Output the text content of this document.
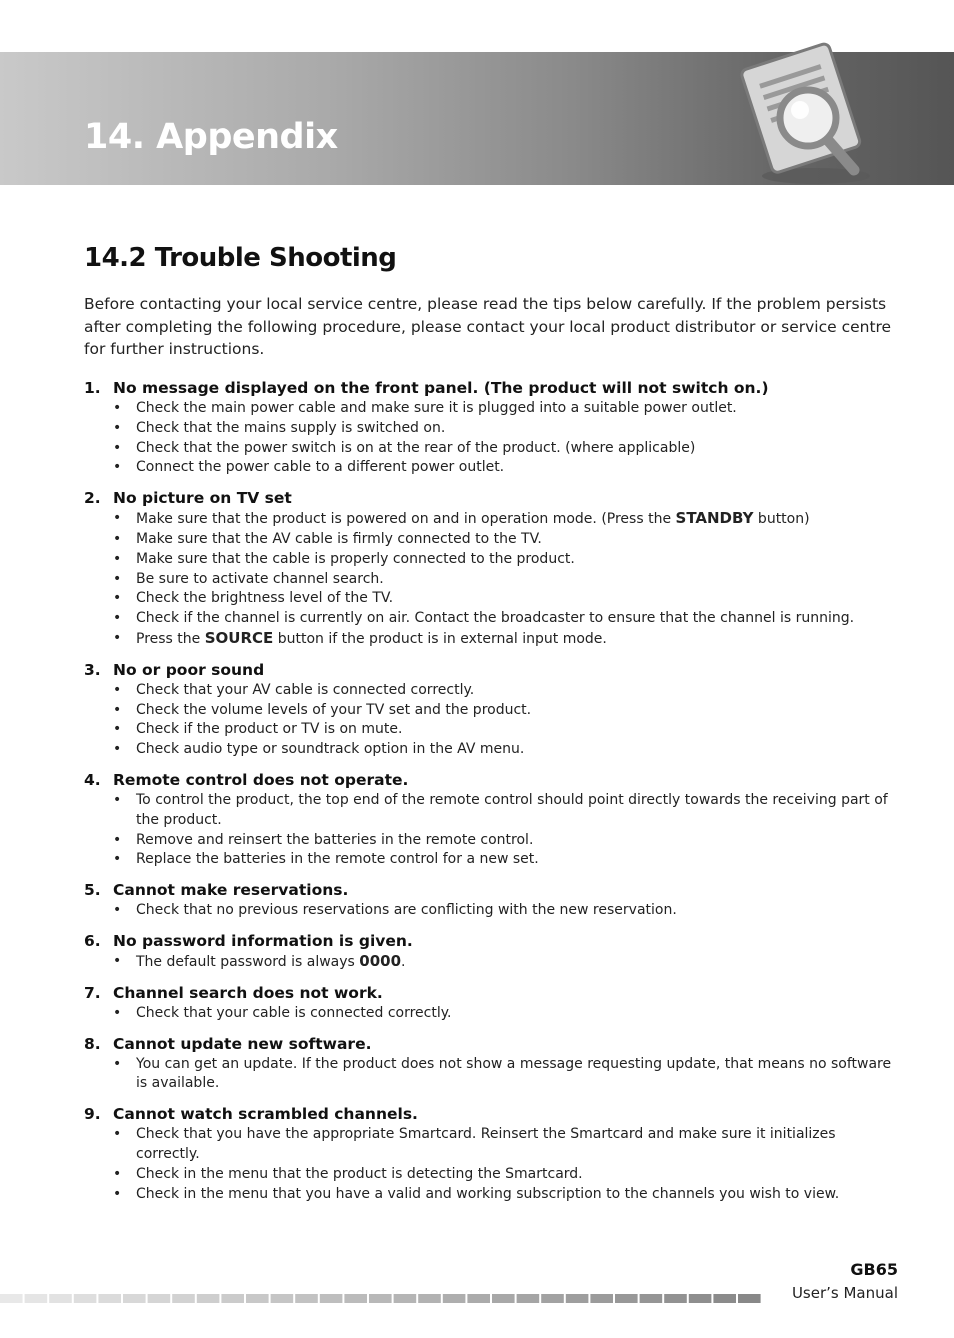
14. Appendix
14.2 Trouble Shooting

Before contacting your local service centre, please read the tips below carefully. If the problem persists after completing the following procedure, please contact your local product distributor or service centre for further instructions.

1. No message displayed on the front panel. (The product will not switch on.)
•	Check the main power cable and make sure it is plugged into a suitable power outlet.
•	Check that the mains supply is switched on.
•	Check that the power switch is on at the rear of the product. (where applicable)
•	Connect the power cable to a different power outlet.
2. No picture on TV set
•	Make sure that the product is powered on and in operation mode. (Press the STANDBY button)
•	Make sure that the AV cable is firmly connected to the TV.
•	Make sure that the cable is properly connected to the product.
•	Be sure to activate channel search.
•	Check the brightness level of the TV.
•	Check if the channel is currently on air. Contact the broadcaster to ensure that the channel is running.
•	Press the SOURCE button if the product is in external input mode.
3. No or poor sound
•	Check that your AV cable is connected correctly.
•	Check the volume levels of your TV set and the product.
•	Check if the product or TV is on mute.
•	Check audio type or soundtrack option in the AV menu.
4. Remote control does not operate.
•	To control the product, the top end of the remote control should point directly towards the receiving part of the product.
•	Remove and reinsert the batteries in the remote control.
•	Replace the batteries in the remote control for a new set.
5. Cannot make reservations.
•	Check that no previous reservations are conflicting with the new reservation.
6. No password information is given.
•	The default password is always 0000.
7. Channel search does not work.
•	Check that your cable is connected correctly.
8. Cannot update new software.
•	You can get an update. If the product does not show a message requesting update, that means no software is available.
9. Cannot watch scrambled channels.
•	Check that you have the appropriate Smartcard. Reinsert the Smartcard and make sure it initializes correctly.
•	Check in the menu that the product is detecting the Smartcard.
•	Check in the menu that you have a valid and working subscription to the channels you wish to view.

GB65

User’s Manual
